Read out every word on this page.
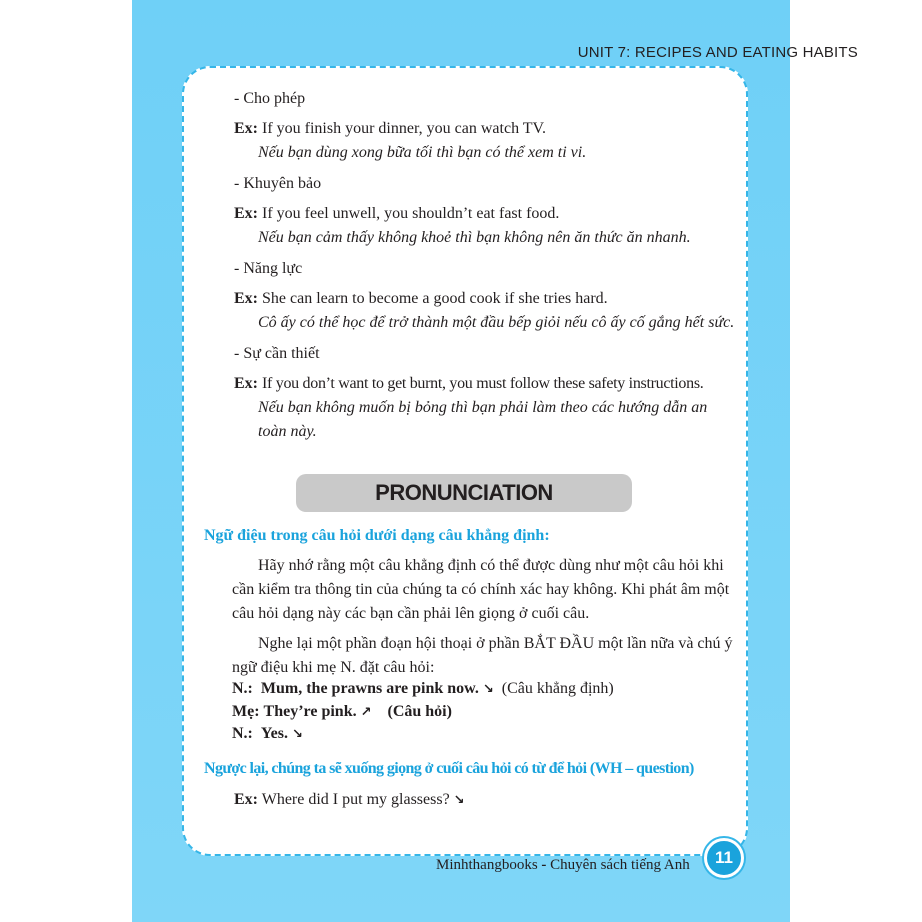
UNIT 7: RECIPES AND EATING HABITS
- Cho phép
Ex: If you finish your dinner, you can watch TV.
Nếu bạn dùng xong bữa tối thì bạn có thể xem ti vi.
- Khuyên bảo
Ex: If you feel unwell, you shouldn’t eat fast food.
Nếu bạn cảm thấy không khoẻ thì bạn không nên ăn thức ăn nhanh.
- Năng lực
Ex: She can learn to become a good cook if she tries hard.
Cô ấy có thể học để trở thành một đầu bếp giỏi nếu cô ấy cố gắng hết sức.
- Sự cần thiết
Ex: If you don’t want to get burnt, you must follow these safety instructions.
Nếu bạn không muốn bị bỏng thì bạn phải làm theo các hướng dẫn an
toàn này.
PRONUNCIATION
Ngữ điệu trong câu hỏi dưới dạng câu khẳng định:
Hãy nhớ rằng một câu khẳng định có thể được dùng như một câu hỏi khi
cần kiểm tra thông tin của chúng ta có chính xác hay không. Khi phát âm một
câu hỏi dạng này các bạn cần phải lên giọng ở cuối câu.
Nghe lại một phần đoạn hội thoại ở phần BẮT ĐẦU một lần nữa và chú ý
ngữ điệu khi mẹ N. đặt câu hỏi:
N.: Mum, the prawns are pink now. ↘ (Câu khẳng định)
Mẹ: They’re pink. ↗ (Câu hỏi)
N.: Yes. ↘
Ngược lại, chúng ta sẽ xuống giọng ở cuối câu hỏi có từ để hỏi (WH – question)
Ex: Where did I put my glassess? ↘
Minhthangbooks - Chuyên sách tiếng Anh	11
